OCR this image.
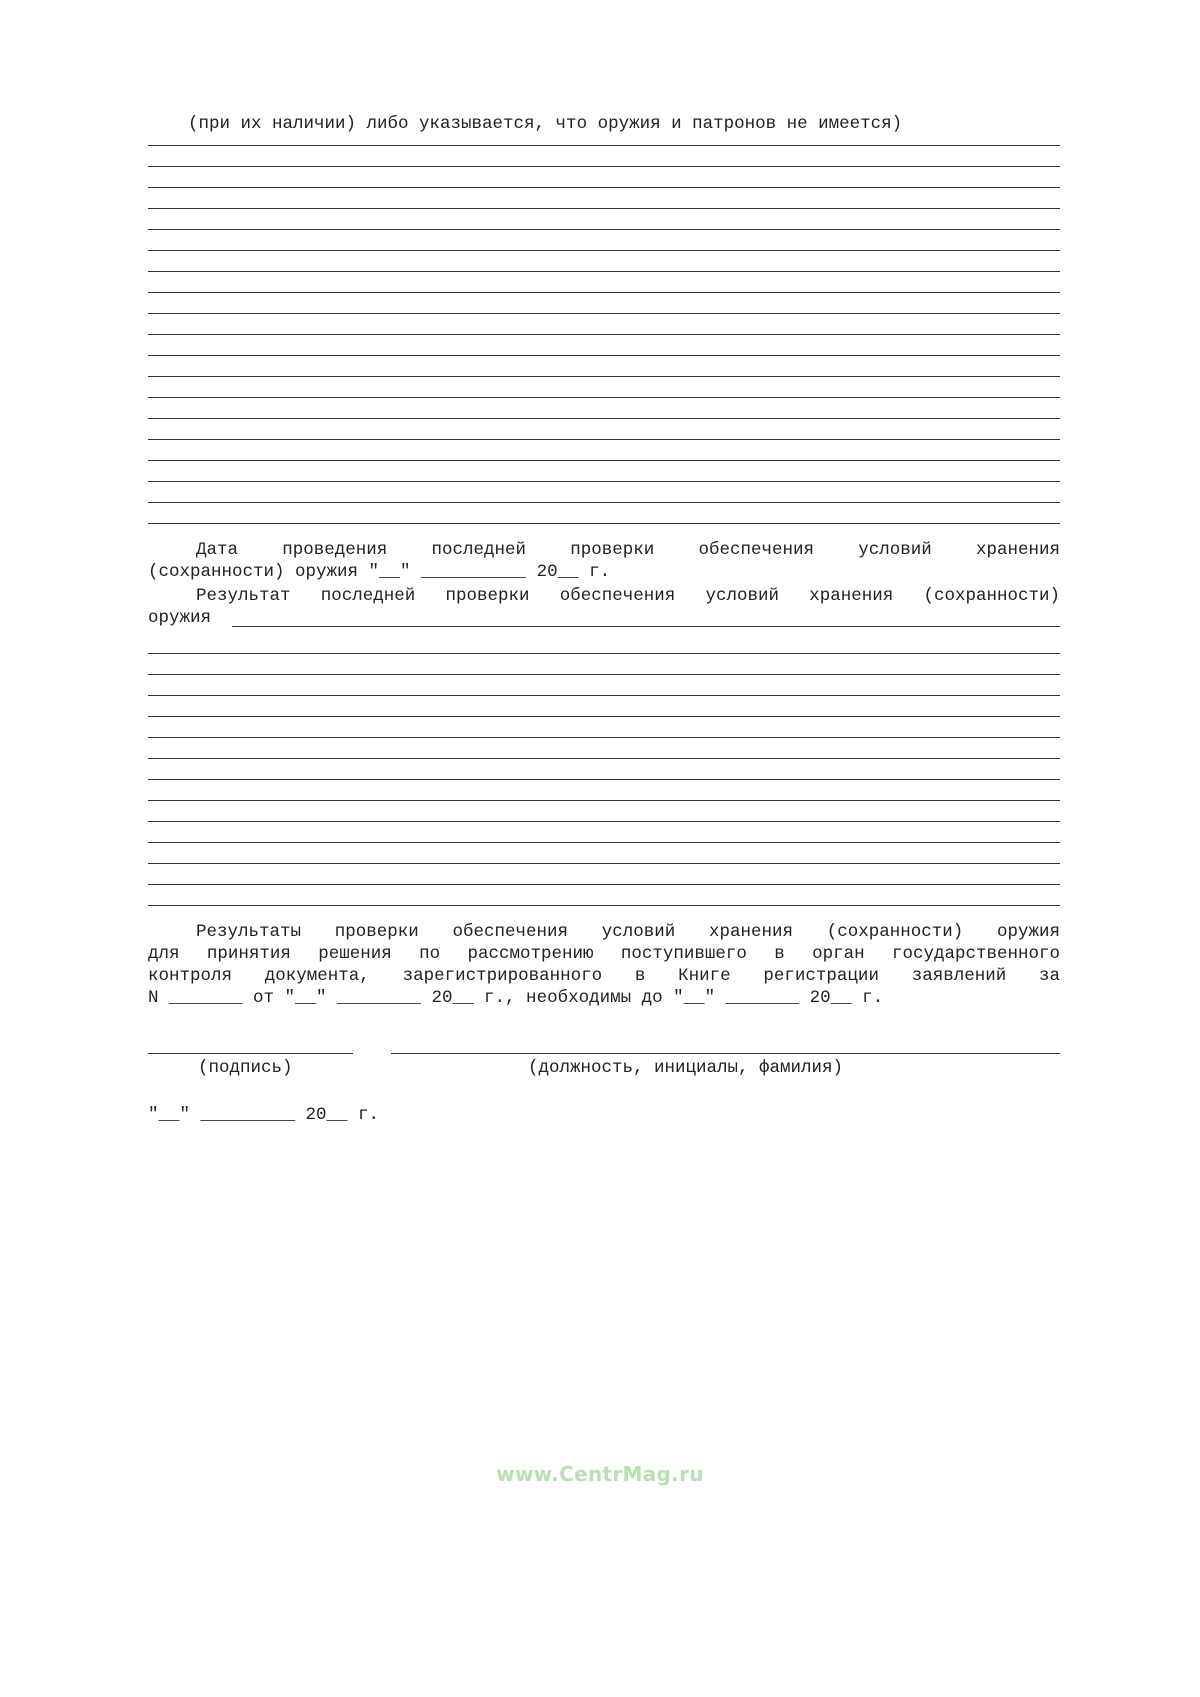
(при их наличии) либо указывается, что оружия и патронов не имеется)

Дата проведения последней проверки обеспечения условий хранения

(сохранности) оружия "__" __________ 20__ г.

Результат последней проверки обеспечения условий хранения (сохранности)

оружия

Результаты проверки обеспечения условий хранения (сохранности) оружия

для принятия решения по рассмотрению поступившего в орган государственного

контроля документа, зарегистрированного в Книге регистрации заявлений за

N _______ от "__" ________ 20__ г., необходимы до "__" _______ 20__ г.

(подпись)	(должность, инициалы, фамилия)

"__" _________ 20__ г.

www.CentrMag.ru
